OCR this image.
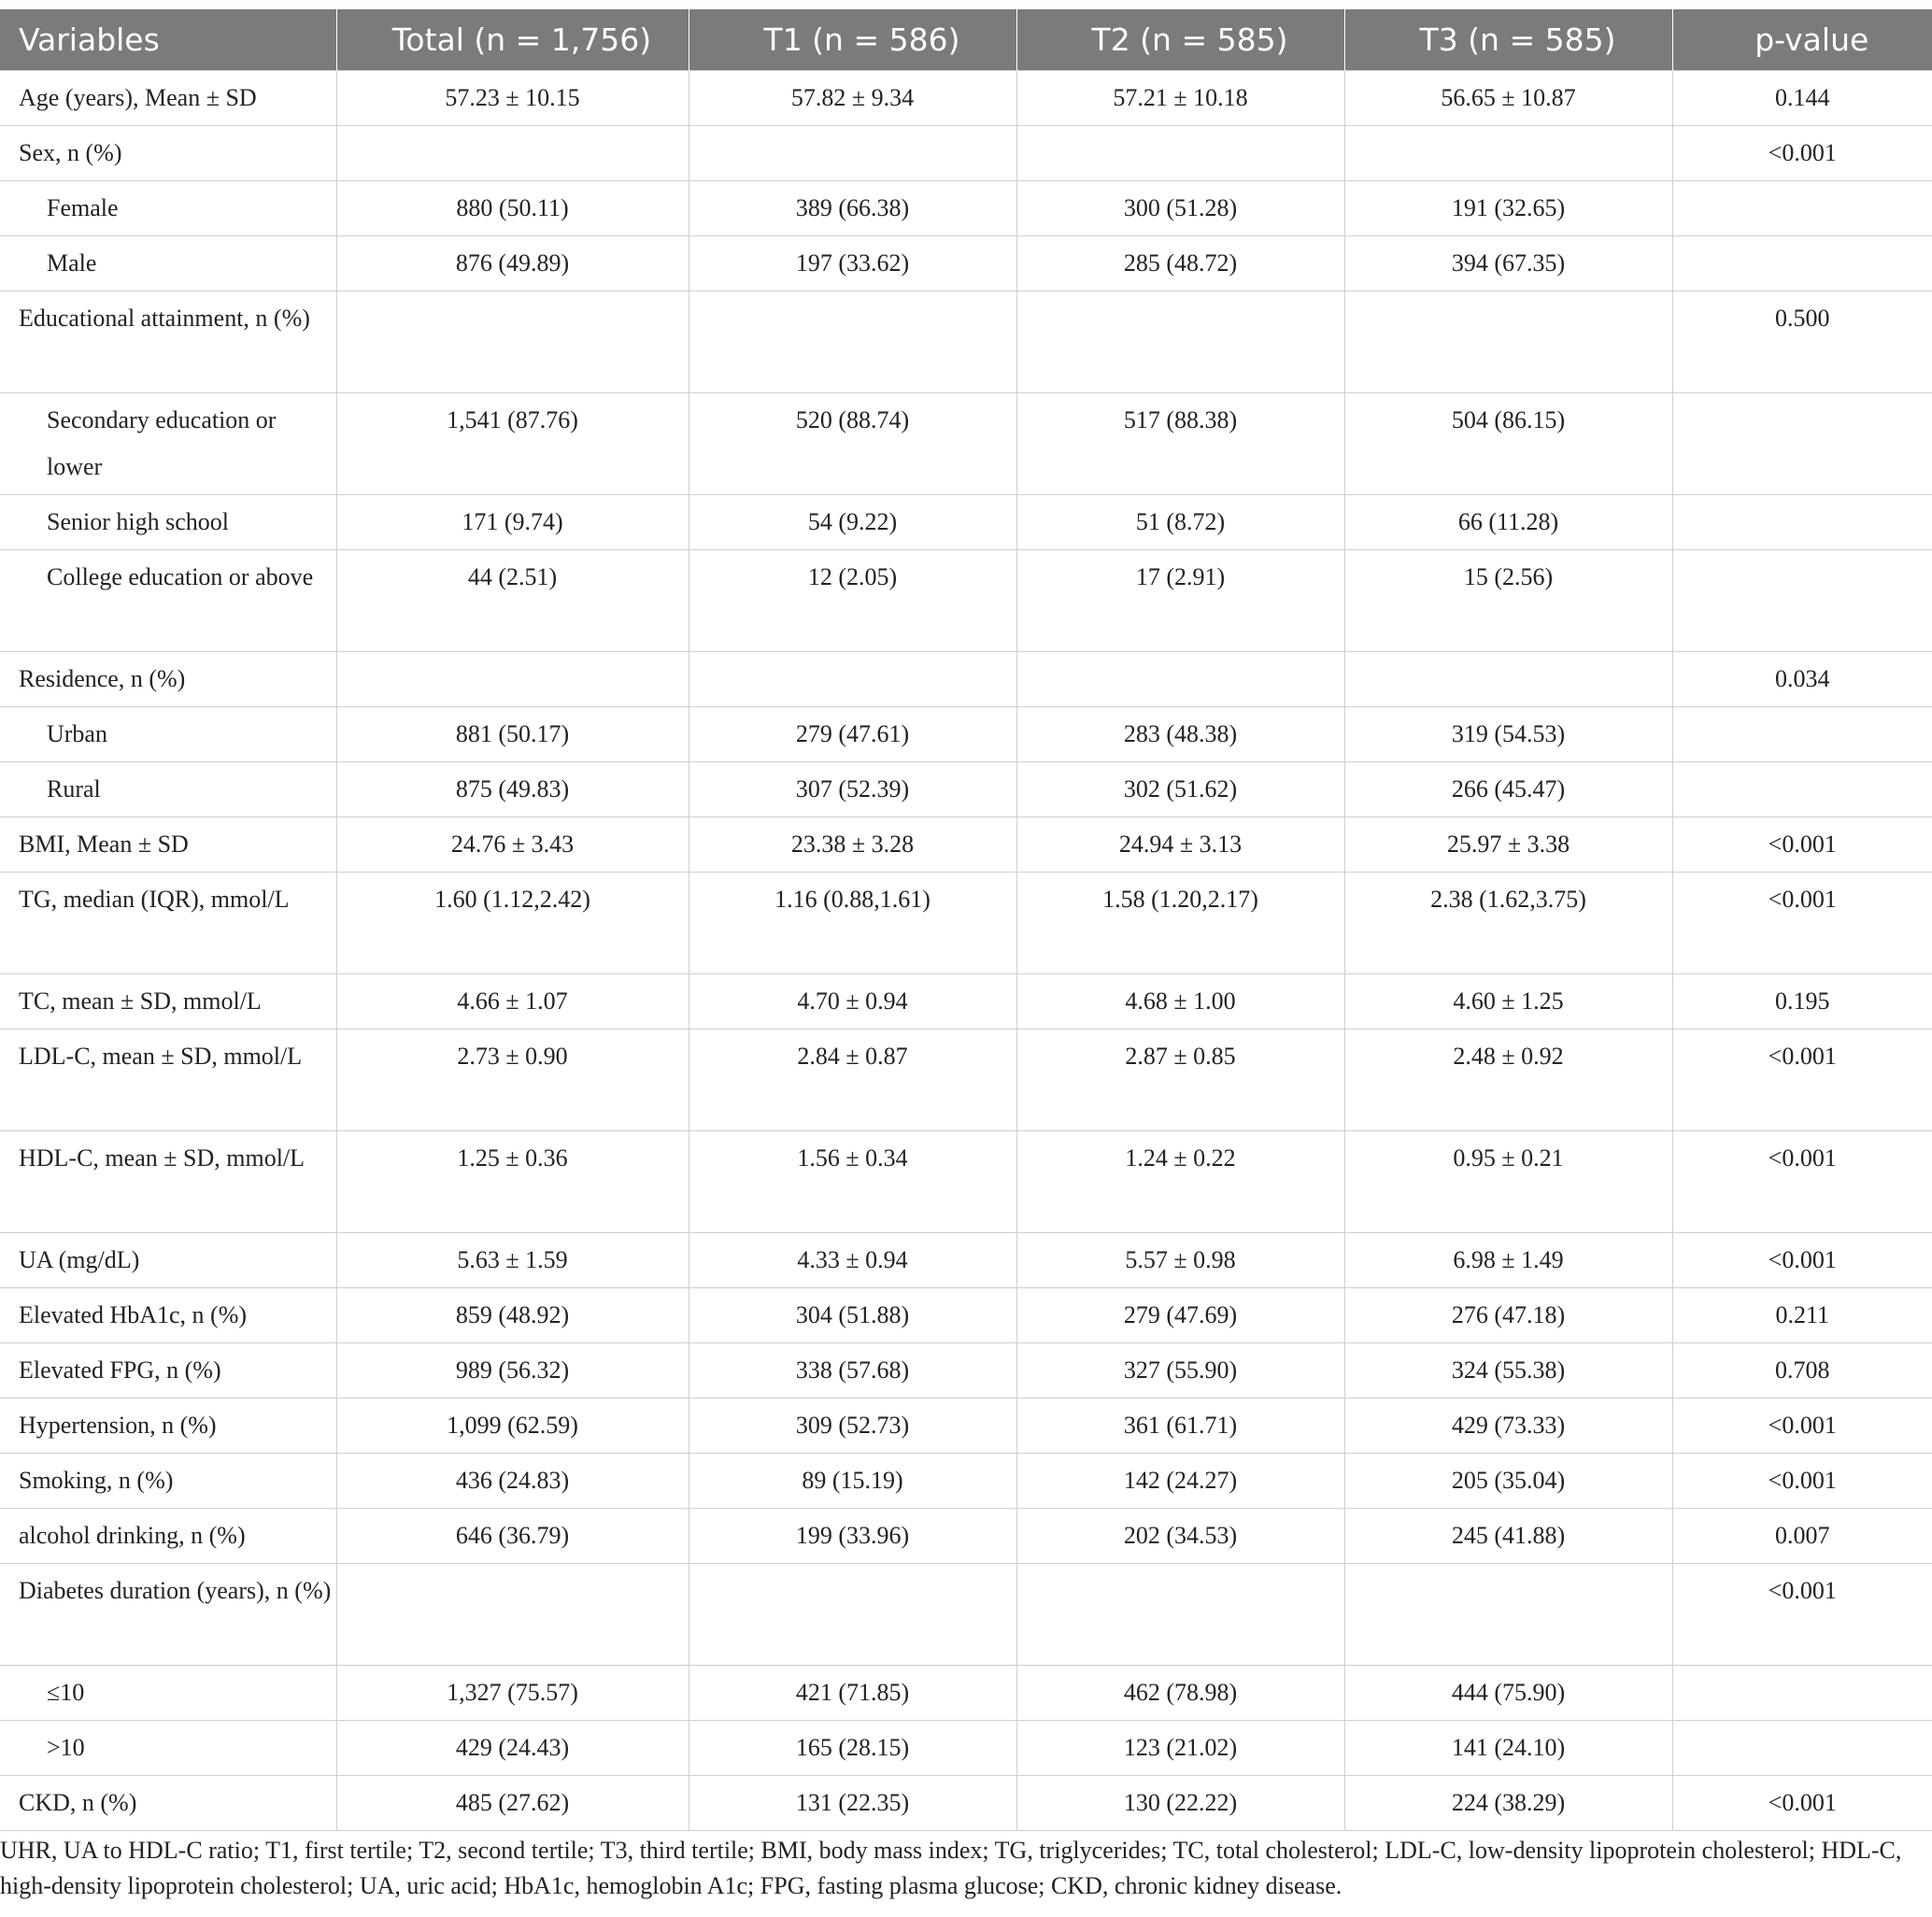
Variables	Total (n = 1,756)	T1 (n = 586)	T2 (n = 585)	T3 (n = 585)	p-value

Age (years), Mean ± SD	57.23 ± 10.15	57.82 ± 9.34	57.21 ± 10.18	56.65 ± 10.87	0.144

Sex, n (%)					<0.001

Female	880 (50.11)	389 (66.38)	300 (51.28)	191 (32.65)	

Male	876 (49.89)	197 (33.62)	285 (48.72)	394 (67.35)	

Educational attainment, n (%)					0.500

Secondary education or lower	1,541 (87.76)	520 (88.74)	517 (88.38)	504 (86.15)	

Senior high school	171 (9.74)	54 (9.22)	51 (8.72)	66 (11.28)	

College education or above	44 (2.51)	12 (2.05)	17 (2.91)	15 (2.56)	

Residence, n (%)					0.034

Urban	881 (50.17)	279 (47.61)	283 (48.38)	319 (54.53)	

Rural	875 (49.83)	307 (52.39)	302 (51.62)	266 (45.47)	

BMI, Mean ± SD	24.76 ± 3.43	23.38 ± 3.28	24.94 ± 3.13	25.97 ± 3.38	<0.001

TG, median (IQR), mmol/L	1.60 (1.12,2.42)	1.16 (0.88,1.61)	1.58 (1.20,2.17)	2.38 (1.62,3.75)	<0.001

TC, mean ± SD, mmol/L	4.66 ± 1.07	4.70 ± 0.94	4.68 ± 1.00	4.60 ± 1.25	0.195

LDL-C, mean ± SD, mmol/L	2.73 ± 0.90	2.84 ± 0.87	2.87 ± 0.85	2.48 ± 0.92	<0.001

HDL-C, mean ± SD, mmol/L	1.25 ± 0.36	1.56 ± 0.34	1.24 ± 0.22	0.95 ± 0.21	<0.001

UA (mg/dL)	5.63 ± 1.59	4.33 ± 0.94	5.57 ± 0.98	6.98 ± 1.49	<0.001

Elevated HbA1c, n (%)	859 (48.92)	304 (51.88)	279 (47.69)	276 (47.18)	0.211

Elevated FPG, n (%)	989 (56.32)	338 (57.68)	327 (55.90)	324 (55.38)	0.708

Hypertension, n (%)	1,099 (62.59)	309 (52.73)	361 (61.71)	429 (73.33)	<0.001

Smoking, n (%)	436 (24.83)	89 (15.19)	142 (24.27)	205 (35.04)	<0.001

alcohol drinking, n (%)	646 (36.79)	199 (33.96)	202 (34.53)	245 (41.88)	0.007

Diabetes duration (years), n (%)					<0.001

≤10	1,327 (75.57)	421 (71.85)	462 (78.98)	444 (75.90)	

>10	429 (24.43)	165 (28.15)	123 (21.02)	141 (24.10)	

CKD, n (%)	485 (27.62)	131 (22.35)	130 (22.22)	224 (38.29)	<0.001
UHR, UA to HDL-C ratio; T1, first tertile; T2, second tertile; T3, third tertile; BMI, body mass index; TG, triglycerides; TC, total cholesterol; LDL-C, low-density lipoprotein cholesterol; HDL-C, high-density lipoprotein cholesterol; UA, uric acid; HbA1c, hemoglobin A1c; FPG, fasting plasma glucose; CKD, chronic kidney disease.
